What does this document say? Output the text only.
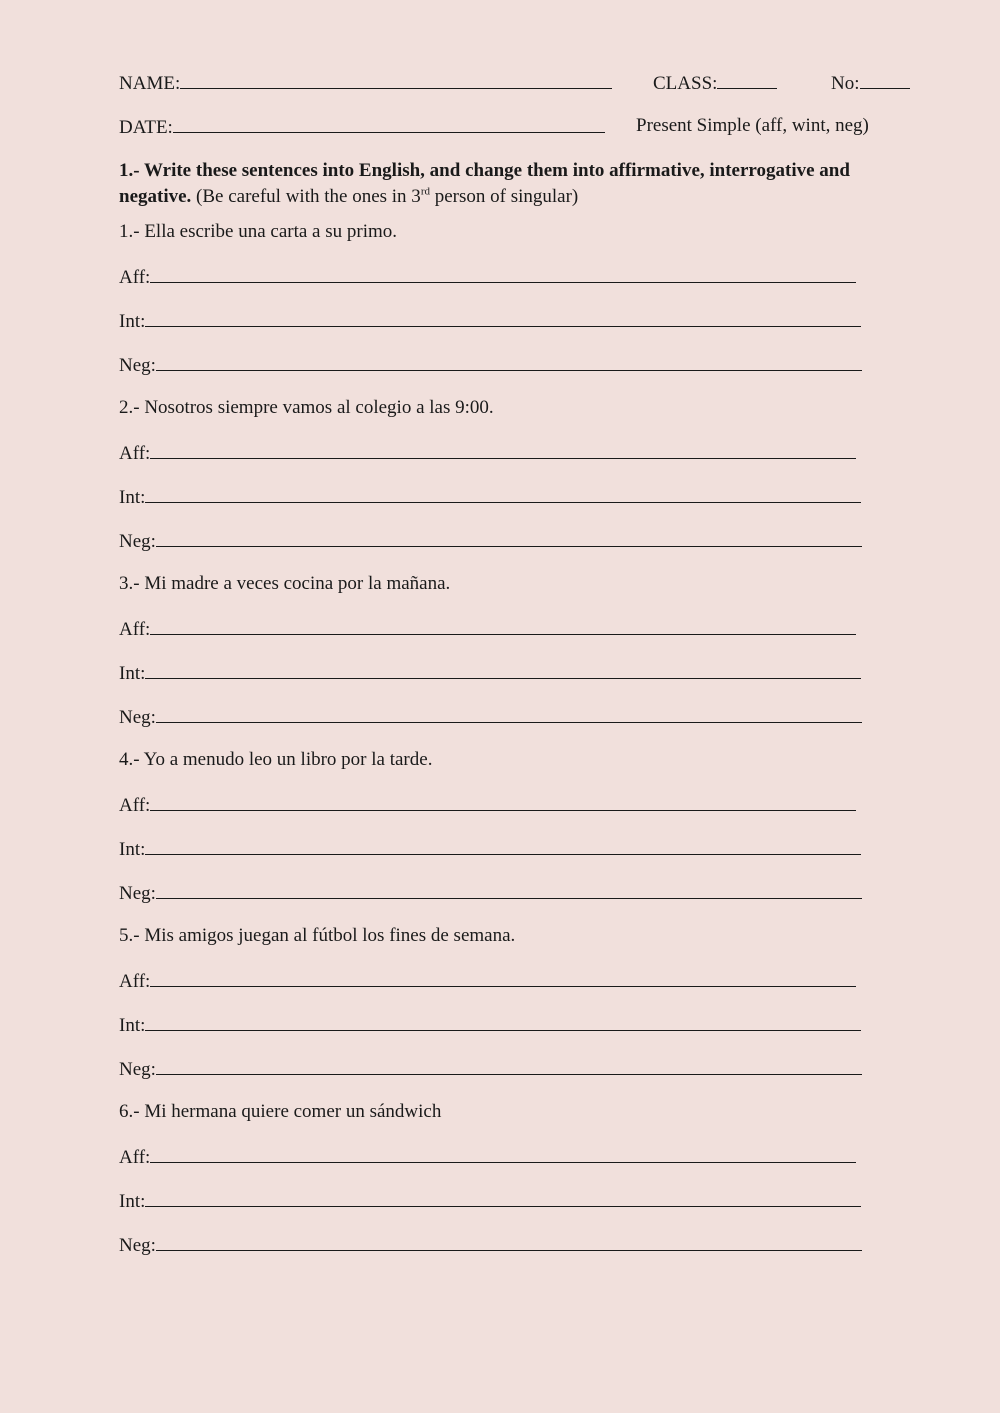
NAME:	CLASS:	No:
DATE:	Present Simple (aff, wint, neg)
1.- Write these sentences into English, and change them into affirmative, interrogative and negative. (Be careful with the ones in 3rd person of singular)
1.- Ella escribe una carta a su primo.
Aff:
Int:
Neg:
2.- Nosotros siempre vamos al colegio a las 9:00.
Aff:
Int:
Neg:
3.- Mi madre a veces cocina por la mañana.
Aff:
Int:
Neg:
4.- Yo a menudo leo un libro por la tarde.
Aff:
Int:
Neg:
5.- Mis amigos juegan al fútbol los fines de semana.
Aff:
Int:
Neg:
6.- Mi hermana quiere comer un sándwich
Aff:
Int:
Neg:
